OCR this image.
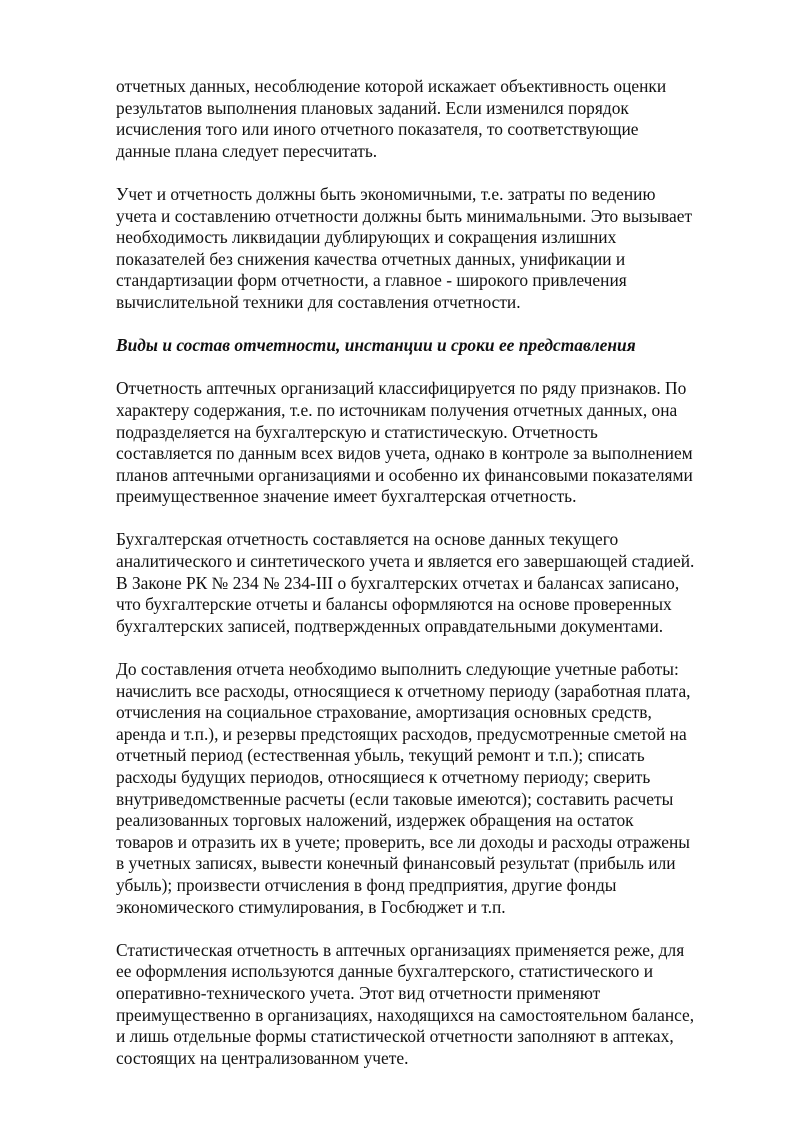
отчетных данных, несоблюдение которой искажает объективность оценки
результатов выполнения плановых заданий. Если изменился порядок
исчисления того или иного отчетного показателя, то соответствующие
данные плана следует пересчитать.

Учет и отчетность должны быть экономичными, т.е. затраты по ведению
учета и составлению отчетности должны быть минимальными. Это вызывает
необходимость ликвидации дублирующих и сокращения излишних
показателей без снижения качества отчетных данных, унификации и
стандартизации форм отчетности, а главное - широкого привлечения
вычислительной техники для составления отчетности.

Виды и состав отчетности, инстанции и сроки ее представления

Отчетность аптечных организаций классифицируется по ряду признаков. По
характеру содержания, т.е. по источникам получения отчетных данных, она
подразделяется на бухгалтерскую и статистическую. Отчетность
составляется по данным всех видов учета, однако в контроле за выполнением
планов аптечными организациями и особенно их финансовыми показателями
преимущественное значение имеет бухгалтерская отчетность.

Бухгалтерская отчетность составляется на основе данных текущего
аналитического и синтетического учета и является его завершающей стадией.
В Законе РК № 234 № 234-III о бухгалтерских отчетах и балансах записано,
что бухгалтерские отчеты и балансы оформляются на основе проверенных
бухгалтерских записей, подтвержденных оправдательными документами.

До составления отчета необходимо выполнить следующие учетные работы:
начислить все расходы, относящиеся к отчетному периоду (заработная плата,
отчисления на социальное страхование, амортизация основных средств,
аренда и т.п.), и резервы предстоящих расходов, предусмотренные сметой на
отчетный период (естественная убыль, текущий ремонт и т.п.); списать
расходы будущих периодов, относящиеся к отчетному периоду; сверить
внутриведомственные расчеты (если таковые имеются); составить расчеты
реализованных торговых наложений, издержек обращения на остаток
товаров и отразить их в учете; проверить, все ли доходы и расходы отражены
в учетных записях, вывести конечный финансовый результат (прибыль или
убыль); произвести отчисления в фонд предприятия, другие фонды
экономического стимулирования, в Госбюджет и т.п.

Статистическая отчетность в аптечных организациях применяется реже, для
ее оформления используются данные бухгалтерского, статистического и
оперативно-технического учета. Этот вид отчетности применяют
преимущественно в организациях, находящихся на самостоятельном балансе,
и лишь отдельные формы статистической отчетности заполняют в аптеках,
состоящих на централизованном учете.
